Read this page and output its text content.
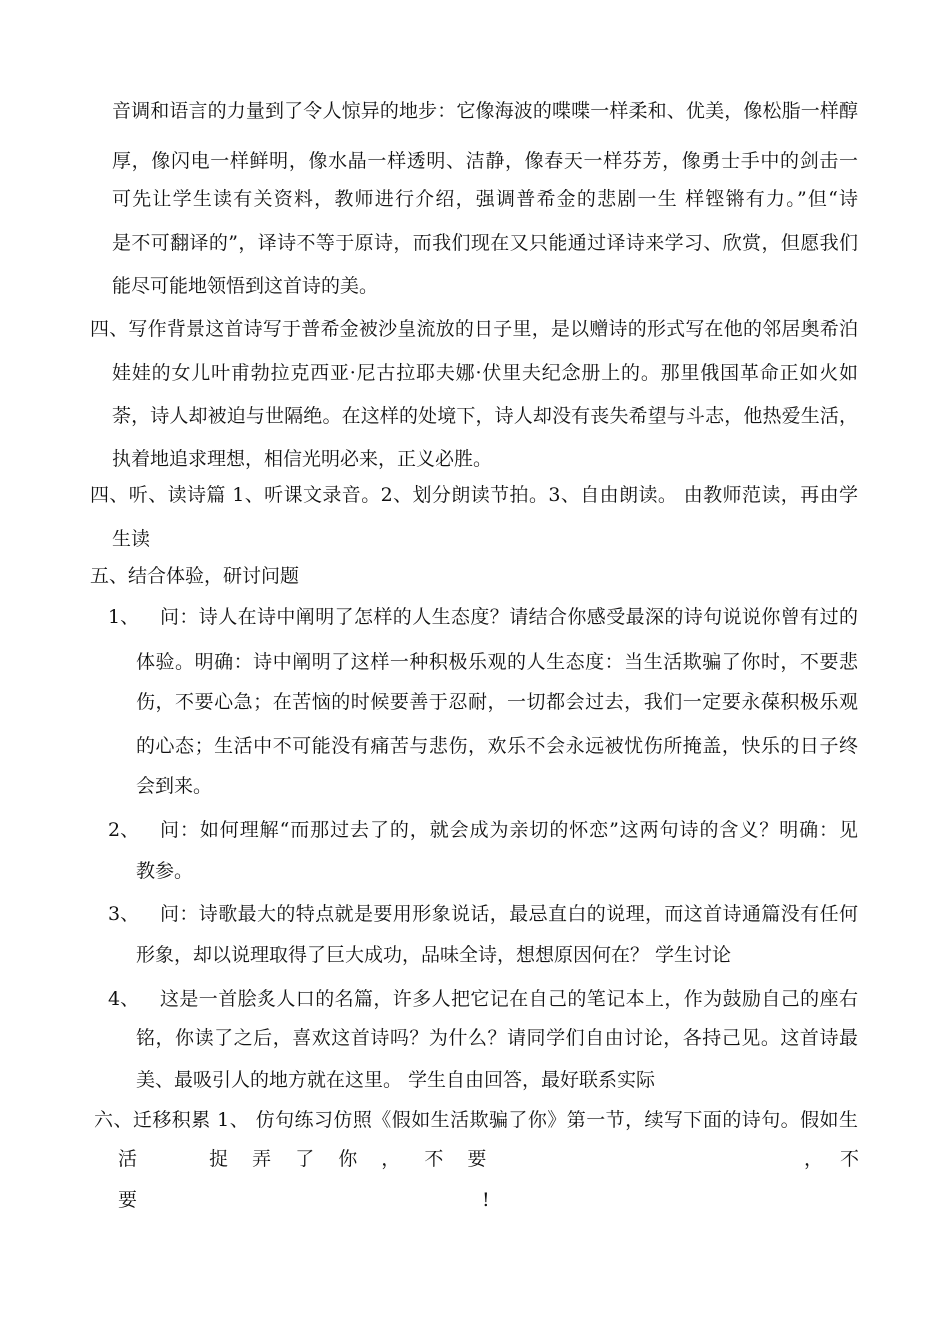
音调和语言的力量到了令人惊异的地步：它像海波的喋喋一样柔和、优美，像松脂一样醇
厚，像闪电一样鲜明，像水晶一样透明、洁静，像春天一样芬芳，像勇士手中的剑击一
可先让学生读有关资料，教师进行介绍，强调普希金的悲剧一生 样铿锵有力。”但“诗
是不可翻译的”，译诗不等于原诗，而我们现在又只能通过译诗来学习、欣赏，但愿我们
能尽可能地领悟到这首诗的美。
四、写作背景这首诗写于普希金被沙皇流放的日子里，是以赠诗的形式写在他的邻居奥希泊
娃娃的女儿叶甫勃拉克西亚·尼古拉耶夫娜·伏里夫纪念册上的。那里俄国革命正如火如
荼，诗人却被迫与世隔绝。在这样的处境下，诗人却没有丧失希望与斗志，他热爱生活，
执着地追求理想，相信光明必来，正义必胜。
四、听、读诗篇 1、听课文录音。2、划分朗读节拍。3、自由朗读。 由教师范读，再由学
生读
五、结合体验，研讨问题
1、 问：诗人在诗中阐明了怎样的人生态度？请结合你感受最深的诗句说说你曾有过的
体验。明确：诗中阐明了这样一种积极乐观的人生态度：当生活欺骗了你时，不要悲
伤，不要心急；在苦恼的时候要善于忍耐，一切都会过去，我们一定要永葆积极乐观
的心态；生活中不可能没有痛苦与悲伤，欢乐不会永远被忧伤所掩盖，快乐的日子终
会到来。
2、 问：如何理解“而那过去了的，就会成为亲切的怀恋”这两句诗的含义？明确：见
教参。
3、 问：诗歌最大的特点就是要用形象说话，最忌直白的说理，而这首诗通篇没有任何
形象，却以说理取得了巨大成功，品味全诗，想想原因何在？ 学生讨论
4、 这是一首脍炙人口的名篇，许多人把它记在自己的笔记本上，作为鼓励自己的座右
铭，你读了之后，喜欢这首诗吗？为什么？请同学们自由讨论，各持己见。这首诗最
美、最吸引人的地方就在这里。 学生自由回答，最好联系实际
六、迁移积累 1、 仿句练习仿照《假如生活欺骗了你》第一节，续写下面的诗句。假如生
活   捉 弄 了 你 ， 不 要	， 不
要	!
